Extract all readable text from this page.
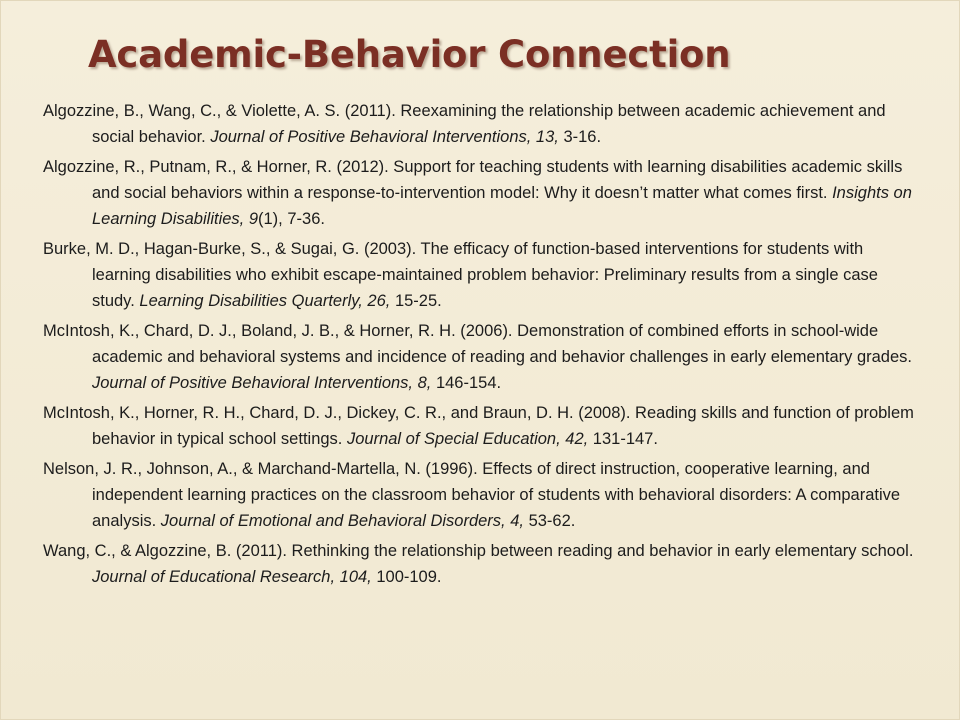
Academic-Behavior Connection
Algozzine, B., Wang, C., & Violette, A. S. (2011). Reexamining the relationship between academic achievement and social behavior. Journal of Positive Behavioral Interventions, 13, 3-16.
Algozzine, R., Putnam, R., & Horner, R. (2012). Support for teaching students with learning disabilities academic skills and social behaviors within a response-to-intervention model: Why it doesn’t matter what comes first. Insights on Learning Disabilities, 9(1), 7-36.
Burke, M. D., Hagan-Burke, S., & Sugai, G. (2003). The efficacy of function-based interventions for students with learning disabilities who exhibit escape-maintained problem behavior: Preliminary results from a single case study. Learning Disabilities Quarterly, 26, 15-25.
McIntosh, K., Chard, D. J., Boland, J. B., & Horner, R. H. (2006). Demonstration of combined efforts in school-wide academic and behavioral systems and incidence of reading and behavior challenges in early elementary grades. Journal of Positive Behavioral Interventions, 8, 146-154.
McIntosh, K., Horner, R. H., Chard, D. J., Dickey, C. R., and Braun, D. H. (2008). Reading skills and function of problem behavior in typical school settings. Journal of Special Education, 42, 131-147.
Nelson, J. R., Johnson, A., & Marchand-Martella, N. (1996). Effects of direct instruction, cooperative learning, and independent learning practices on the classroom behavior of students with behavioral disorders: A comparative analysis. Journal of Emotional and Behavioral Disorders, 4, 53-62.
Wang, C., & Algozzine, B. (2011). Rethinking the relationship between reading and behavior in early elementary school. Journal of Educational Research, 104, 100-109.
